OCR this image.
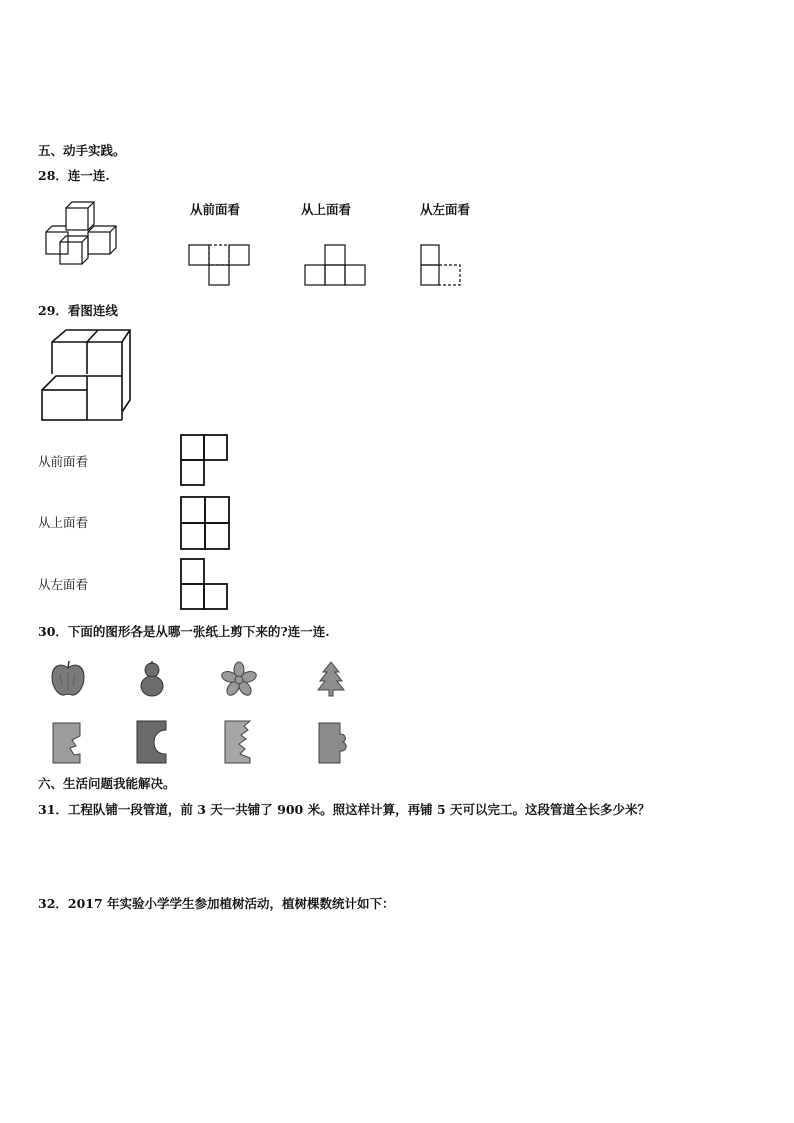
五、动手实践。
28．连一连.
从前面看	从上面看	从左面看
29．看图连线
从前面看
从上面看
从左面看
30．下面的图形各是从哪一张纸上剪下来的?连一连.
六、生活问题我能解决。
31．工程队铺一段管道，前 3 天一共铺了 900 米。照这样计算，再铺 5 天可以完工。这段管道全长多少米？
32．2017 年实验小学学生参加植树活动，植树棵数统计如下：
